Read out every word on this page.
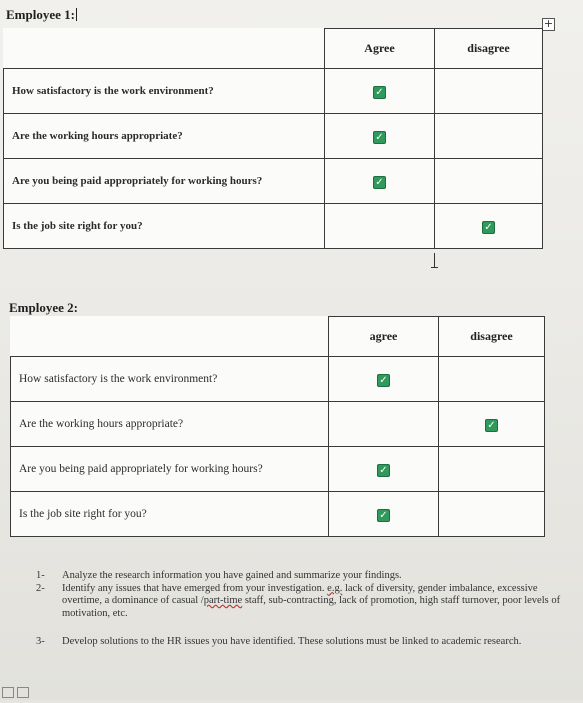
Employee 1:
+
	Agree	disagree
How satisfactory is the work environment?	✓	
Are the working hours appropriate?	✓	
Are you being paid appropriately for working hours?	✓	
Is the job site right for you?		✓
Employee 2:
	agree	disagree
How satisfactory is the work environment?	✓	
Are the working hours appropriate?		✓
Are you being paid appropriately for working hours?	✓	
Is the job site right for you?	✓	
1- Analyze the research information you have gained and summarize your findings.
2- Identify any issues that have emerged from your investigation. e.g. lack of diversity, gender imbalance, excessive overtime, a dominance of casual /part-time staff, sub-contracting, lack of promotion, high staff turnover, poor levels of motivation, etc.
3- Develop solutions to the HR issues you have identified. These solutions must be linked to academic research.
